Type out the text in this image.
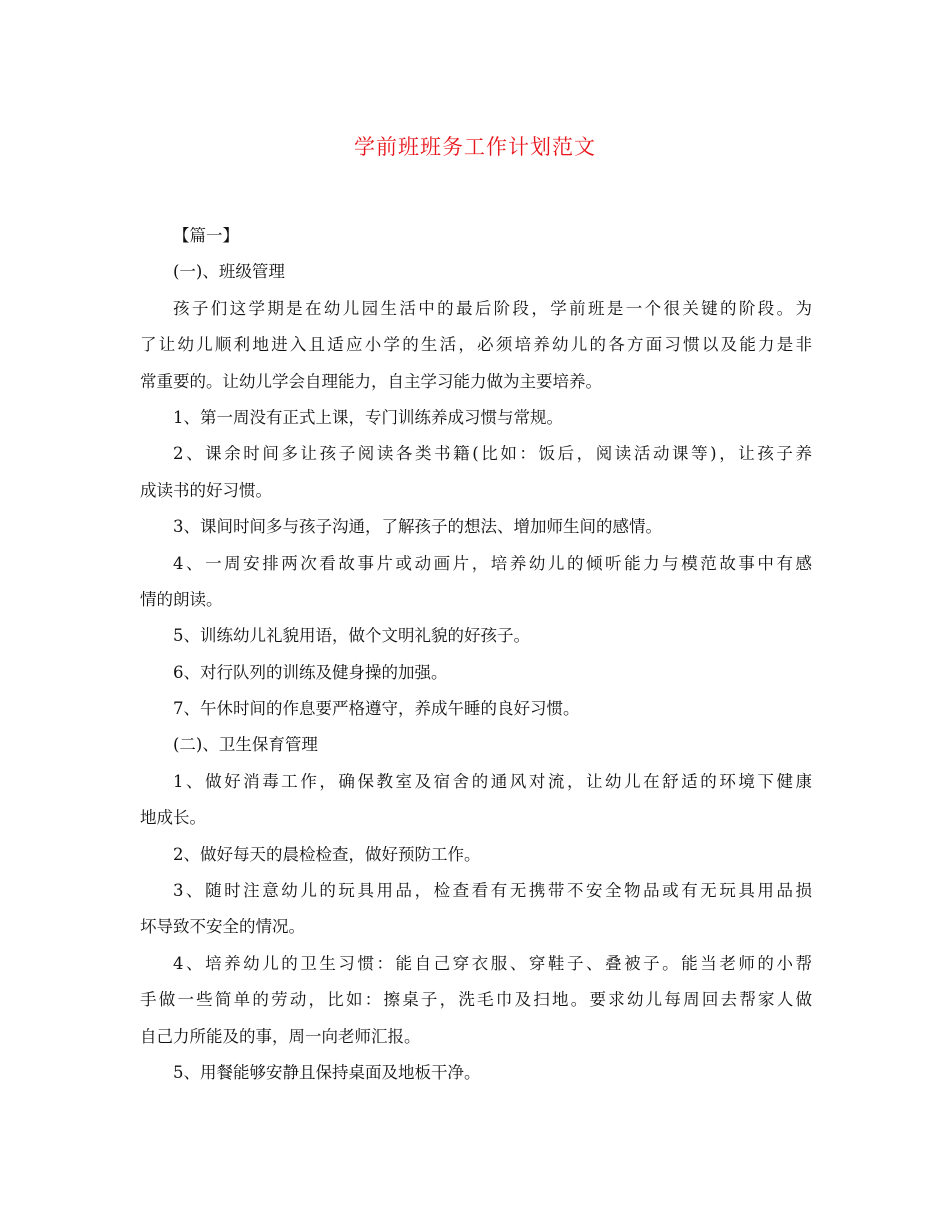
学前班班务工作计划范文
【篇一】
(一)、班级管理
孩子们这学期是在幼儿园生活中的最后阶段，学前班是一个很关键的阶段。为
了让幼儿顺利地进入且适应小学的生活，必须培养幼儿的各方面习惯以及能力是非
常重要的。让幼儿学会自理能力，自主学习能力做为主要培养。
1、第一周没有正式上课，专门训练养成习惯与常规。
2、课余时间多让孩子阅读各类书籍(比如：饭后，阅读活动课等)，让孩子养
成读书的好习惯。
3、课间时间多与孩子沟通，了解孩子的想法、增加师生间的感情。
4、一周安排两次看故事片或动画片，培养幼儿的倾听能力与模范故事中有感
情的朗读。
5、训练幼儿礼貌用语，做个文明礼貌的好孩子。
6、对行队列的训练及健身操的加强。
7、午休时间的作息要严格遵守，养成午睡的良好习惯。
(二)、卫生保育管理
1、做好消毒工作，确保教室及宿舍的通风对流，让幼儿在舒适的环境下健康
地成长。
2、做好每天的晨检检查，做好预防工作。
3、随时注意幼儿的玩具用品，检查看有无携带不安全物品或有无玩具用品损
坏导致不安全的情况。
4、培养幼儿的卫生习惯：能自己穿衣服、穿鞋子、叠被子。能当老师的小帮
手做一些简单的劳动，比如：擦桌子，洗毛巾及扫地。要求幼儿每周回去帮家人做
自己力所能及的事，周一向老师汇报。
5、用餐能够安静且保持桌面及地板干净。
